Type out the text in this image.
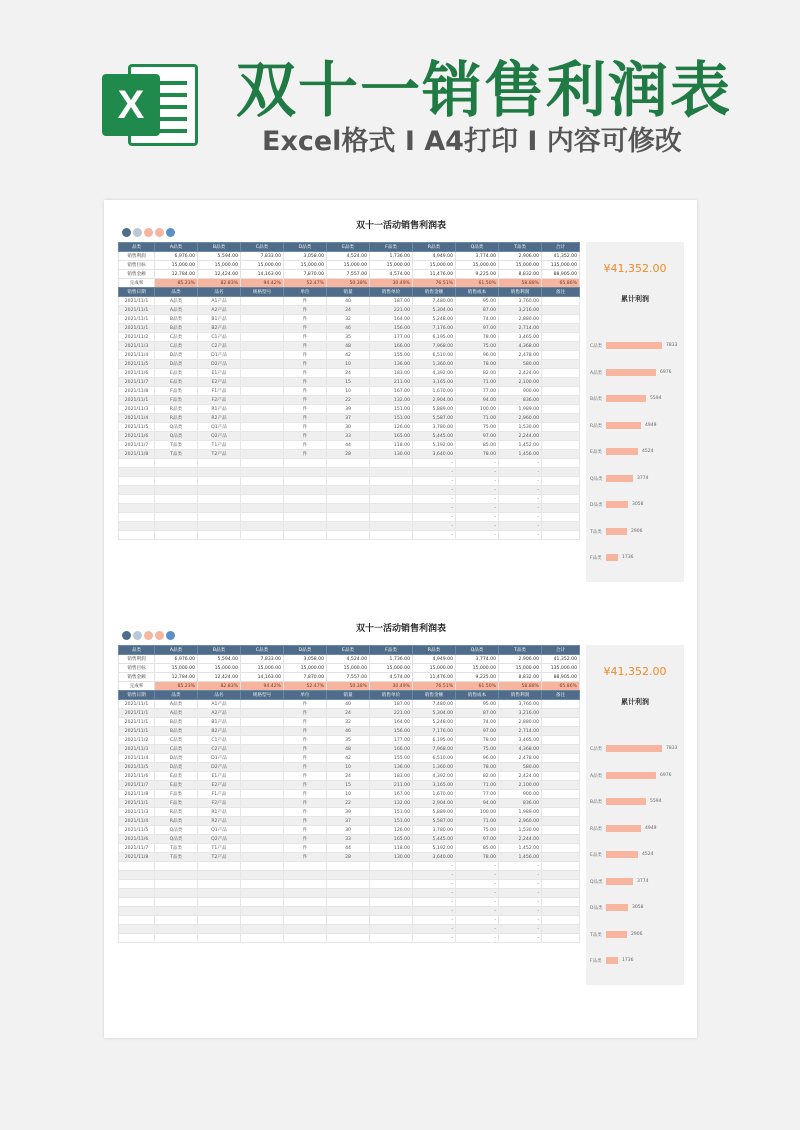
X 双十一销售利润表
Excel格式 I A4打印 I 内容可修改
双十一活动销售利润表
品类	A品类	B品类	C品类	D品类	E品类	F品类	R品类	Q品类	T品类	合计
销售利润	6,976.00	5,594.00	7,833.00	3,058.00	4,524.00	1,736.00	4,949.00	3,774.00	2,906.00	41,352.00
销售目标	15,000.00	15,000.00	15,000.00	15,000.00	15,000.00	15,000.00	15,000.00	15,000.00	15,000.00	135,000.00
销售金额	12,784.00	12,424.00	14,163.00	7,870.00	7,557.00	4,574.00	11,476.00	9,225.00	8,832.00	88,905.00
完成率	85.23%	82.83%	94.42%	52.47%	50.38%	30.49%	76.51%	61.50%	58.88%	65.86%
销售日期	品类	品名	规格型号	单位	销量	销售单价	销售金额	销售成本	销售利润	备注
2021/11/1	A品类	A1产品		件	40	187.00	7,480.00	95.00	3,760.00	
2021/11/1	A品类	A2产品		件	24	221.00	5,304.00	87.00	3,216.00	
2021/11/1	B品类	B1产品		件	32	164.00	5,248.00	74.00	2,880.00	
2021/11/1	B品类	B2产品		件	46	156.00	7,176.00	97.00	2,714.00	
2021/11/2	C品类	C1产品		件	35	177.00	6,195.00	78.00	3,465.00	
2021/11/3	C品类	C2产品		件	48	166.00	7,968.00	75.00	4,368.00	
2021/11/4	D品类	D1产品		件	42	155.00	6,510.00	96.00	2,478.00	
2021/11/5	D品类	D2产品		件	10	136.00	1,360.00	78.00	580.00	
2021/11/6	E品类	E1产品		件	24	183.00	4,392.00	82.00	2,424.00	
2021/11/7	E品类	E2产品		件	15	211.00	3,165.00	71.00	2,100.00	
2021/11/8	F品类	F1产品		件	10	167.00	1,670.00	77.00	900.00	
2021/11/1	F品类	F2产品		件	22	132.00	2,904.00	94.00	836.00	
2021/11/3	R品类	R1产品		件	39	151.00	5,889.00	100.00	1,989.00	
2021/11/4	R品类	R2产品		件	37	151.00	5,587.00	71.00	2,960.00	
2021/11/5	Q品类	Q1产品		件	30	126.00	3,780.00	75.00	1,530.00	
2021/11/6	Q品类	Q2产品		件	33	165.00	5,445.00	97.00	2,244.00	
2021/11/7	T品类	T1产品		件	44	118.00	5,192.00	85.00	1,452.00	
2021/11/8	T品类	T2产品		件	28	130.00	3,640.00	78.00	1,456.00	
							-	-	-	
							-	-	-	
							-	-	-	
							-	-	-	
							-	-	-	
							-	-	-	
							-	-	-	
							-	-	-	
							-	-	-	
¥41,352.00
累计利润
C品类	7833
A品类	6976
B品类	5594
R品类	4949
E品类	4524
Q品类	3774
D品类	3058
T品类	2906
F品类	1736
双十一活动销售利润表
品类	A品类	B品类	C品类	D品类	E品类	F品类	R品类	Q品类	T品类	合计
销售利润	6,976.00	5,594.00	7,833.00	3,058.00	4,524.00	1,736.00	4,949.00	3,774.00	2,906.00	41,352.00
销售目标	15,000.00	15,000.00	15,000.00	15,000.00	15,000.00	15,000.00	15,000.00	15,000.00	15,000.00	135,000.00
销售金额	12,784.00	12,424.00	14,163.00	7,870.00	7,557.00	4,574.00	11,476.00	9,225.00	8,832.00	88,905.00
完成率	85.23%	82.83%	94.42%	52.47%	50.38%	30.49%	76.51%	61.50%	58.88%	65.86%
销售日期	品类	品名	规格型号	单位	销量	销售单价	销售金额	销售成本	销售利润	备注
2021/11/1	A品类	A1产品		件	40	187.00	7,480.00	95.00	3,760.00	
2021/11/1	A品类	A2产品		件	24	221.00	5,304.00	87.00	3,216.00	
2021/11/1	B品类	B1产品		件	32	164.00	5,248.00	74.00	2,880.00	
2021/11/1	B品类	B2产品		件	46	156.00	7,176.00	97.00	2,714.00	
2021/11/2	C品类	C1产品		件	35	177.00	6,195.00	78.00	3,465.00	
2021/11/3	C品类	C2产品		件	48	166.00	7,968.00	75.00	4,368.00	
2021/11/4	D品类	D1产品		件	42	155.00	6,510.00	96.00	2,478.00	
2021/11/5	D品类	D2产品		件	10	136.00	1,360.00	78.00	580.00	
2021/11/6	E品类	E1产品		件	24	183.00	4,392.00	82.00	2,424.00	
2021/11/7	E品类	E2产品		件	15	211.00	3,165.00	71.00	2,100.00	
2021/11/8	F品类	F1产品		件	10	167.00	1,670.00	77.00	900.00	
2021/11/1	F品类	F2产品		件	22	132.00	2,904.00	94.00	836.00	
2021/11/3	R品类	R1产品		件	39	151.00	5,889.00	100.00	1,989.00	
2021/11/4	R品类	R2产品		件	37	151.00	5,587.00	71.00	2,960.00	
2021/11/5	Q品类	Q1产品		件	30	126.00	3,780.00	75.00	1,530.00	
2021/11/6	Q品类	Q2产品		件	33	165.00	5,445.00	97.00	2,244.00	
2021/11/7	T品类	T1产品		件	44	118.00	5,192.00	85.00	1,452.00	
2021/11/8	T品类	T2产品		件	28	130.00	3,640.00	78.00	1,456.00	
							-	-	-	
							-	-	-	
							-	-	-	
							-	-	-	
							-	-	-	
							-	-	-	
							-	-	-	
							-	-	-	
							-	-	-	
¥41,352.00
累计利润
C品类	7833
A品类	6976
B品类	5594
R品类	4949
E品类	4524
Q品类	3774
D品类	3058
T品类	2906
F品类	1736
